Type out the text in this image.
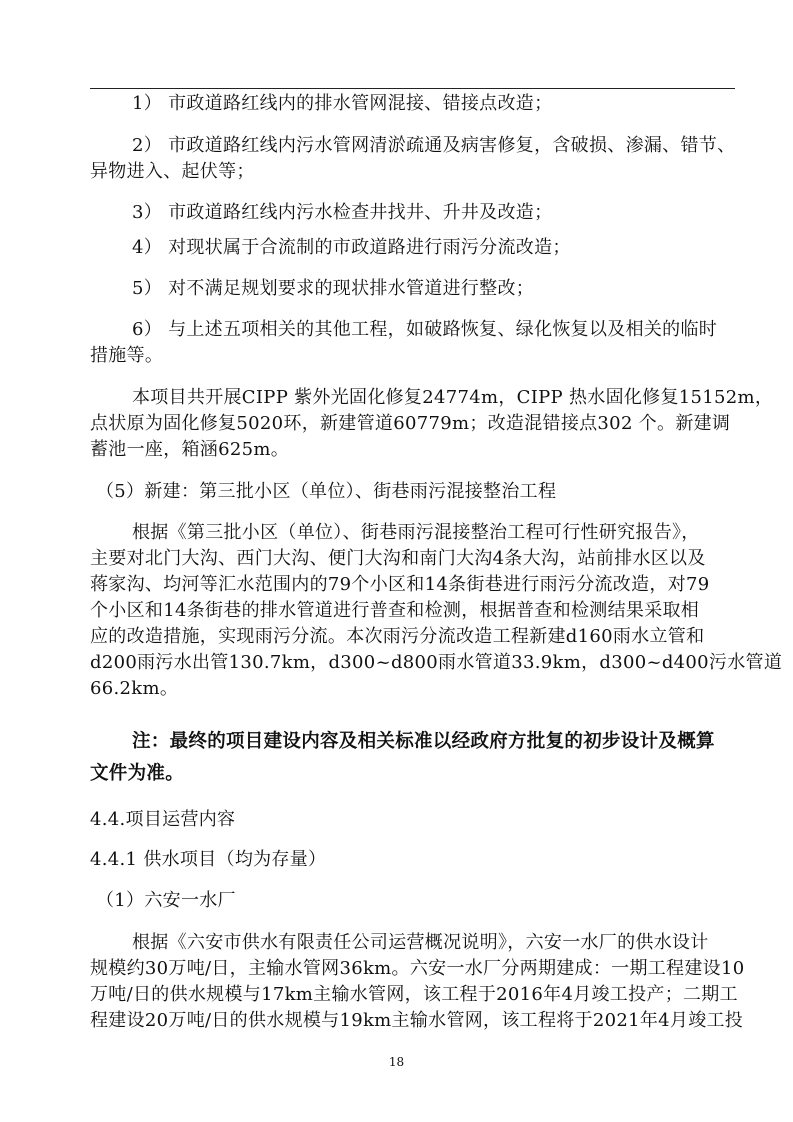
1） 市政道路红线内的排水管网混接、错接点改造；
2） 市政道路红线内污水管网清淤疏通及病害修复，含破损、渗漏、错节、
异物进入、起伏等；
3） 市政道路红线内污水检查井找井、升井及改造；
4） 对现状属于合流制的市政道路进行雨污分流改造；
5） 对不满足规划要求的现状排水管道进行整改；
6） 与上述五项相关的其他工程，如破路恢复、绿化恢复以及相关的临时
措施等。
本项目共开展CIPP 紫外光固化修复24774m，CIPP 热水固化修复15152m，
点状原为固化修复5020环，新建管道60779m；改造混错接点302 个。新建调
蓄池一座，箱涵625m。
（5）新建：第三批小区（单位）、街巷雨污混接整治工程
根据《第三批小区（单位）、街巷雨污混接整治工程可行性研究报告》，
主要对北门大沟、西门大沟、便门大沟和南门大沟4条大沟，站前排水区以及
蒋家沟、均河等汇水范围内的79个小区和14条街巷进行雨污分流改造，对79
个小区和14条街巷的排水管道进行普查和检测，根据普查和检测结果采取相
应的改造措施，实现雨污分流。本次雨污分流改造工程新建d160雨水立管和
d200雨污水出管130.7km，d300~d800雨水管道33.9km，d300~d400污水管道
66.2km。
注：最终的项目建设内容及相关标准以经政府方批复的初步设计及概算
文件为准。
4.4.项目运营内容
4.4.1 供水项目（均为存量）
（1）六安一水厂
根据《六安市供水有限责任公司运营概况说明》，六安一水厂的供水设计
规模约30万吨/日，主输水管网36km。六安一水厂分两期建成：一期工程建设10
万吨/日的供水规模与17km主输水管网，该工程于2016年4月竣工投产；二期工
程建设20万吨/日的供水规模与19km主输水管网，该工程将于2021年4月竣工投
18
